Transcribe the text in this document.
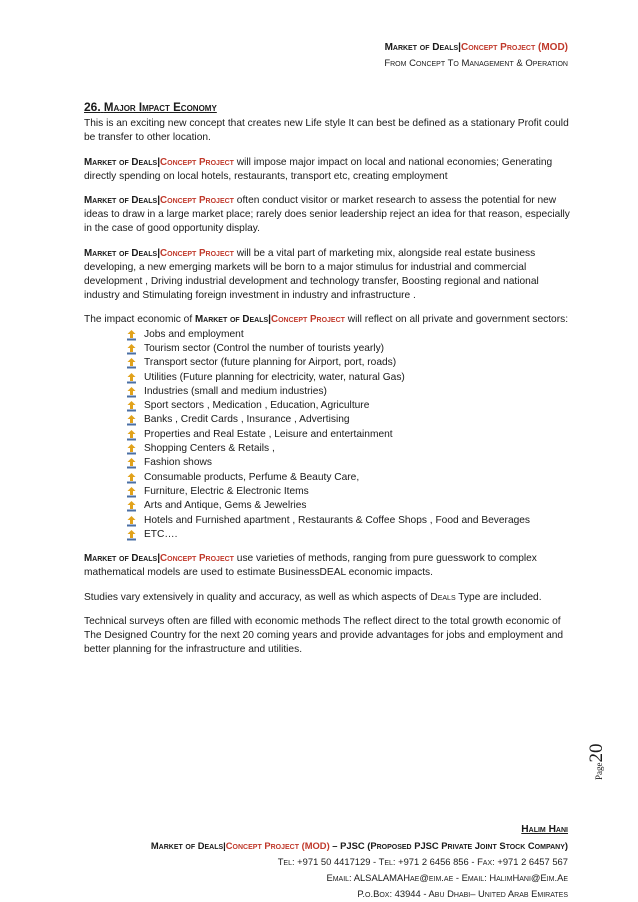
Market of Deals|Concept Project (MOD)
From Concept To Management & Operation
26. Major Impact Economy

This is an exciting new concept that creates new Life style It can best be defined as a stationary Profit could be transfer to other location.

Market of Deals|Concept Project will impose major impact on local and national economies; Generating directly spending on local hotels, restaurants, transport etc, creating employment

Market of Deals|Concept Project often conduct visitor or market research to assess the potential for new ideas to draw in a large market place; rarely does senior leadership reject an idea for that reason, especially in the case of good opportunity display.

Market of Deals|Concept Project will be a vital part of marketing mix, alongside real estate business developing, a new emerging markets will be born to a major stimulus for industrial and commercial development , Driving industrial development and technology transfer, Boosting regional and national industry and Stimulating foreign investment in industry and infrastructure .

The impact economic of Market of Deals|Concept Project will reflect on all private and government sectors:

Jobs and employment
Tourism sector (Control the number of tourists yearly)
Transport sector (future planning for Airport, port, roads)
Utilities (Future planning for electricity, water, natural Gas)
Industries (small and medium industries)
Sport sectors , Medication , Education, Agriculture
Banks , Credit Cards , Insurance , Advertising
Properties and Real Estate , Leisure and entertainment
Shopping Centers & Retails ,
Fashion shows
Consumable products, Perfume & Beauty Care,
Furniture, Electric & Electronic Items
Arts and Antique, Gems & Jewelries
Hotels and Furnished apartment , Restaurants & Coffee Shops , Food and Beverages
ETC….

Market of Deals|Concept Project use varieties of methods, ranging from pure guesswork to complex mathematical models are used to estimate BusinessDEAL economic impacts.

Studies vary extensively in quality and accuracy, as well as which aspects of Deals Type are included.

Technical surveys often are filled with economic methods The reflect direct to the total growth economic of The Designed Country for the next 20 coming years and provide advantages for jobs and employment and better planning for the infrastructure and utilities.

Page20
Halim Hani
Market of Deals|Concept Project (MOD) – PJSC (Proposed PJSC Private Joint Stock Company)
Tel: +971 50 4417129 - Tel: +971 2 6456 856 - Fax: +971 2 6457 567
Email: ALSALAMAHae@eim.ae - Email: HalimHani@Eim.Ae
P.o.Box: 43944 - Abu Dhabi– United Arab Emirates
